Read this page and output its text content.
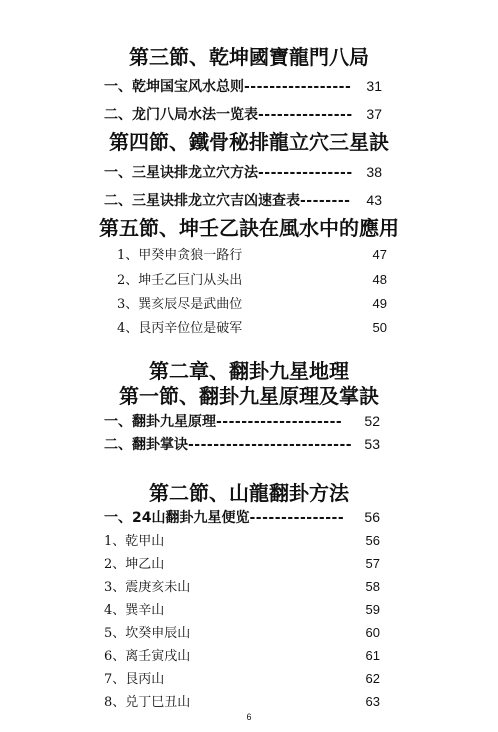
第三節、乾坤國寶龍門八局
一、乾坤国宝风水总则 -----------------	31
二、龙门八局水法一览表 --------------- 37
第四節、鐵骨秘排龍立穴三星訣
一、三星诀排龙立穴方法 --------------- 38
二、三星诀排龙立穴吉凶速查表 --------	43
第五節、坤壬乙訣在風水中的應用
1、甲癸申贪狼一路行	47
2、坤壬乙巨门从头出	48
3、巽亥辰尽是武曲位	49
4、艮丙辛位位是破军	50
第二章、翻卦九星地理
第一節、翻卦九星原理及掌訣
一、翻卦九星原理 --------------------	52
二、翻卦掌诀 -------------------------- 53
第二節、山龍翻卦方法
一、24山翻卦九星便览 ---------------	56
1、乾甲山	56
2、坤乙山	57
3、震庚亥未山	58
4、巽辛山	59
5、坎癸申辰山	60
6、离壬寅戌山	61
7、艮丙山	62
8、兑丁巳丑山	63
6
